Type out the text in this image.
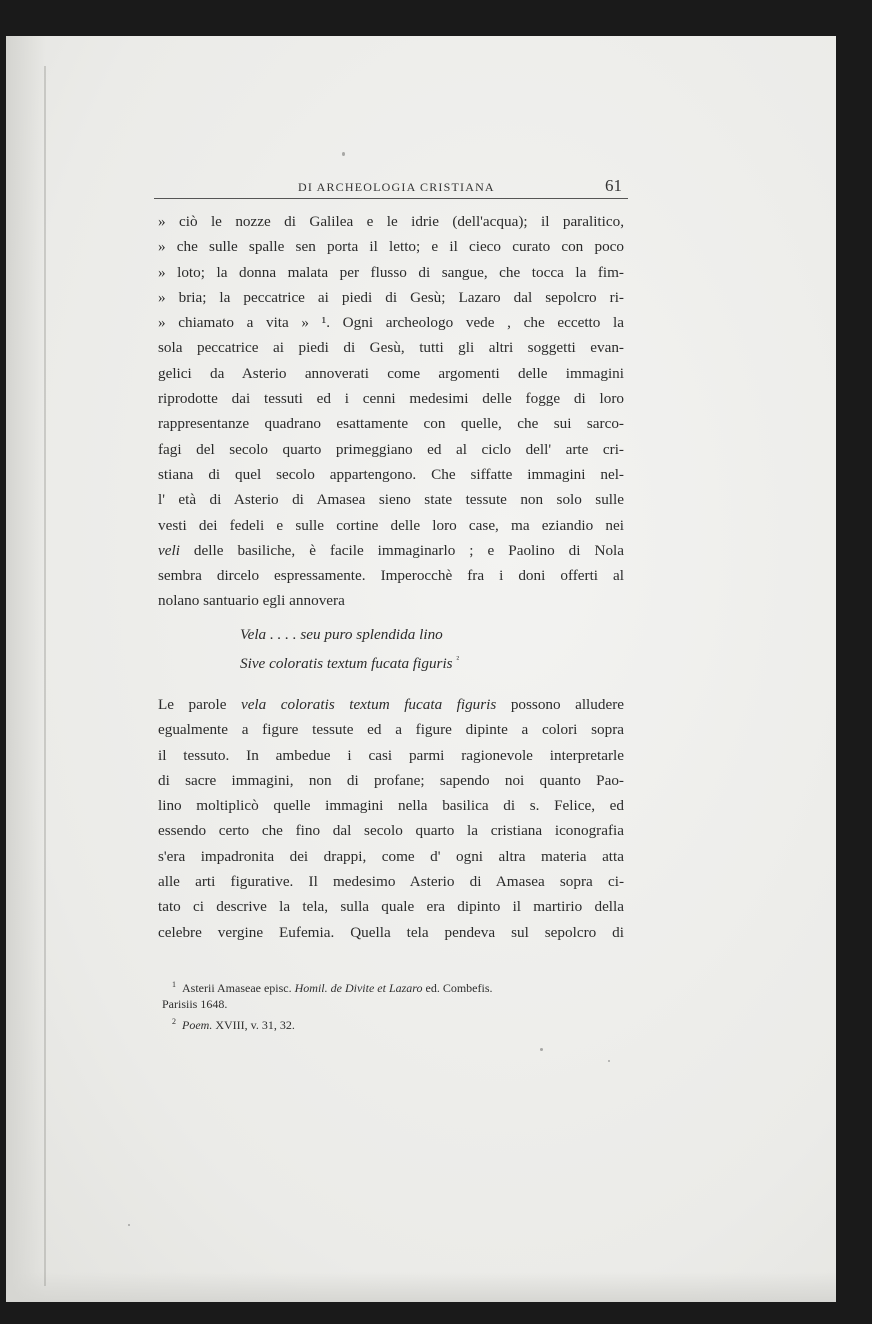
DI ARCHEOLOGIA CRISTIANA	61
» ciò le nozze di Galilea e le idrie (dell'acqua); il paralitico,
» che sulle spalle sen porta il letto; e il cieco curato con poco
» loto; la donna malata per flusso di sangue, che tocca la fim-
» bria; la peccatrice ai piedi di Gesù; Lazaro dal sepolcro ri-
» chiamato a vita » ¹. Ogni archeologo vede , che eccetto la
sola peccatrice ai piedi di Gesù, tutti gli altri soggetti evan-
gelici da Asterio annoverati come argomenti delle immagini
riprodotte dai tessuti ed i cenni medesimi delle fogge di loro
rappresentanze quadrano esattamente con quelle, che sui sarco-
fagi del secolo quarto primeggiano ed al ciclo dell' arte cri-
stiana di quel secolo appartengono. Che siffatte immagini nel-
l' età di Asterio di Amasea sieno state tessute non solo sulle
vesti dei fedeli e sulle cortine delle loro case, ma eziandio nei
veli delle basiliche, è facile immaginarlo ; e Paolino di Nola
sembra dircelo espressamente. Imperocchè fra i doni offerti al
nolano santuario egli annovera
Vela . . . . seu puro splendida lino
Sive coloratis textum fucata figuris $^{^2}$
Le parole vela coloratis textum fucata figuris possono alludere
egualmente a figure tessute ed a figure dipinte a colori sopra
il tessuto. In ambedue i casi parmi ragionevole interpretarle
di sacre immagini, non di profane; sapendo noi quanto Pao-
lino moltiplicò quelle immagini nella basilica di s. Felice, ed
essendo certo che fino dal secolo quarto la cristiana iconografia
s'era impadronita dei drappi, come d' ogni altra materia atta
alle arti figurative. Il medesimo Asterio di Amasea sopra ci-
tato ci descrive la tela, sulla quale era dipinto il martirio della
celebre vergine Eufemia. Quella tela pendeva sul sepolcro di
$^1$ Asterii Amaseae episc. Homil. de Divite et Lazaro ed. Combefis.
Parisiis 1648.
$^2$ Poem. XVIII, v. 31, 32.
